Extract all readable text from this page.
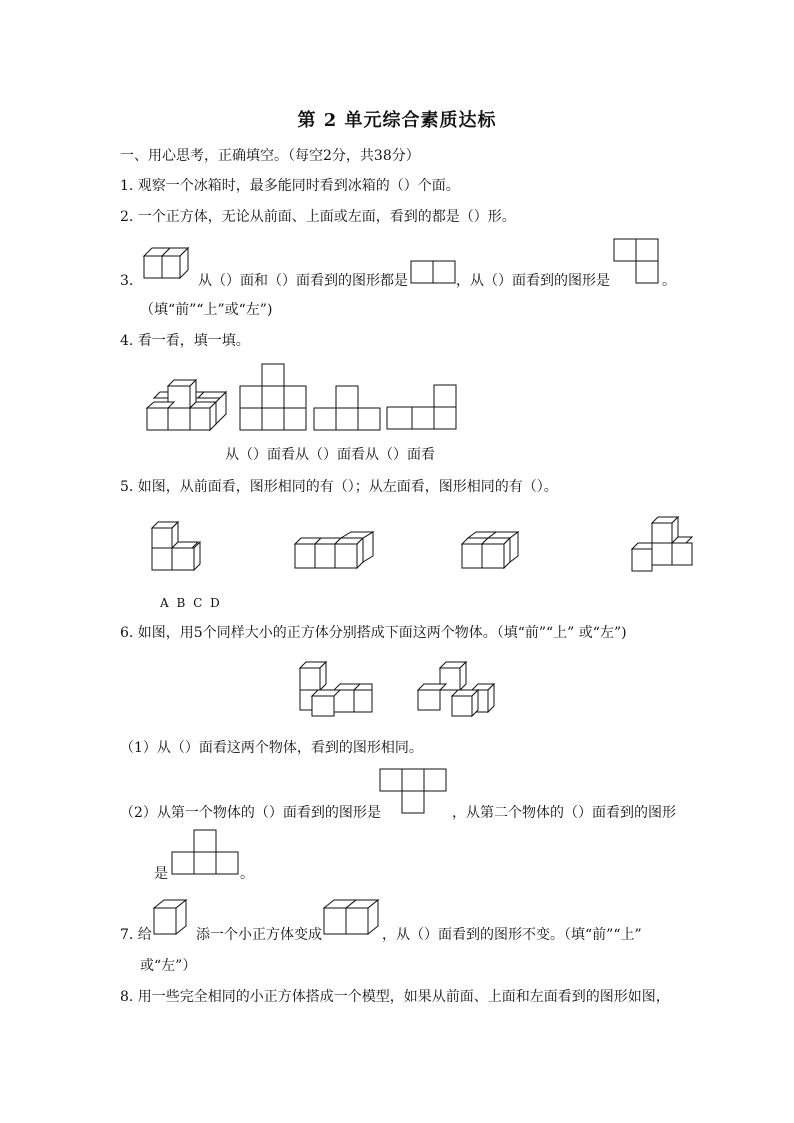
第 2 单元综合素质达标
一、用心思考，正确填空。（每空2分，共38分）
1. 观察一个冰箱时，最多能同时看到冰箱的（）个面。
2. 一个正方体，无论从前面、上面或左面，看到的都是（）形。
3.	从（）面和（）面看到的图形都是	，从（）面看到的图形是	。
（填“前”“上”或“左”)
4. 看一看，填一填。
从（）面看从（）面看从（）面看
5. 如图，从前面看，图形相同的有（）；从左面看，图形相同的有（）。
A B C D
6. 如图，用5个同样大小的正方体分别搭成下面这两个物体。（填“前”“上” 或“左”)
（1）从（）面看这两个物体，看到的图形相同。
（2）从第一个物体的（）面看到的图形是	，从第二个物体的（）面看到的图形
是	。
7. 给	添一个小正方体变成	，从（）面看到的图形不变。（填“前”“上”
或“左”）
8. 用一些完全相同的小正方体搭成一个模型，如果从前面、上面和左面看到的图形如图，
